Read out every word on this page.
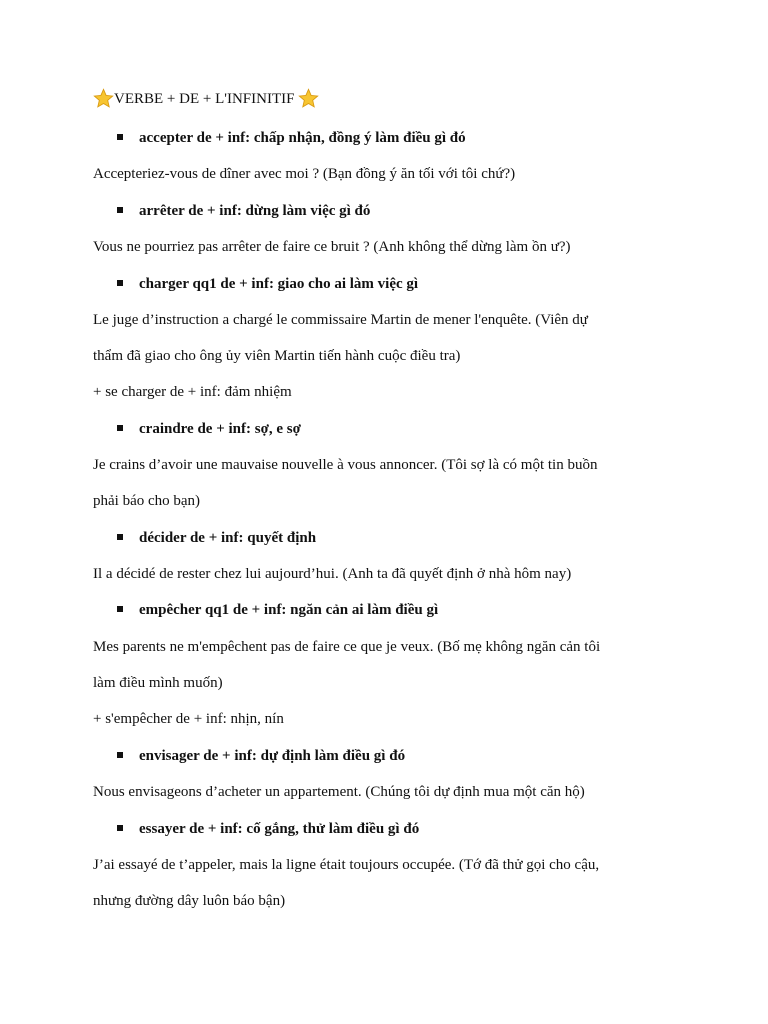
VERBE + DE + L'INFINITIF
accepter de + inf: chấp nhận, đồng ý làm điều gì đó
Accepteriez-vous de dîner avec moi ? (Bạn đồng ý ăn tối với tôi chứ?)
arrêter de + inf: dừng làm việc gì đó
Vous ne pourriez pas arrêter de faire ce bruit ? (Anh không thể dừng làm ồn ư?)
charger qq1 de + inf: giao cho ai làm việc gì
Le juge d’instruction a chargé le commissaire Martin de mener l'enquête. (Viên dự
thẩm đã giao cho ông ủy viên Martin tiến hành cuộc điều tra)
+ se charger de + inf: đảm nhiệm
craindre de + inf: sợ, e sợ
Je crains d’avoir une mauvaise nouvelle à vous annoncer. (Tôi sợ là có một tin buồn
phải báo cho bạn)
décider de + inf: quyết định
Il a décidé de rester chez lui aujourd’hui. (Anh ta đã quyết định ở nhà hôm nay)
empêcher qq1 de + inf: ngăn cản ai làm điều gì
Mes parents ne m'empêchent pas de faire ce que je veux. (Bố mẹ không ngăn cản tôi
làm điều mình muốn)
+ s'empêcher de + inf: nhịn, nín
envisager de + inf: dự định làm điều gì đó
Nous envisageons d’acheter un appartement. (Chúng tôi dự định mua một căn hộ)
essayer de + inf: cố gắng, thử làm điều gì đó
J’ai essayé de t’appeler, mais la ligne était toujours occupée. (Tớ đã thử gọi cho cậu,
nhưng đường dây luôn báo bận)
